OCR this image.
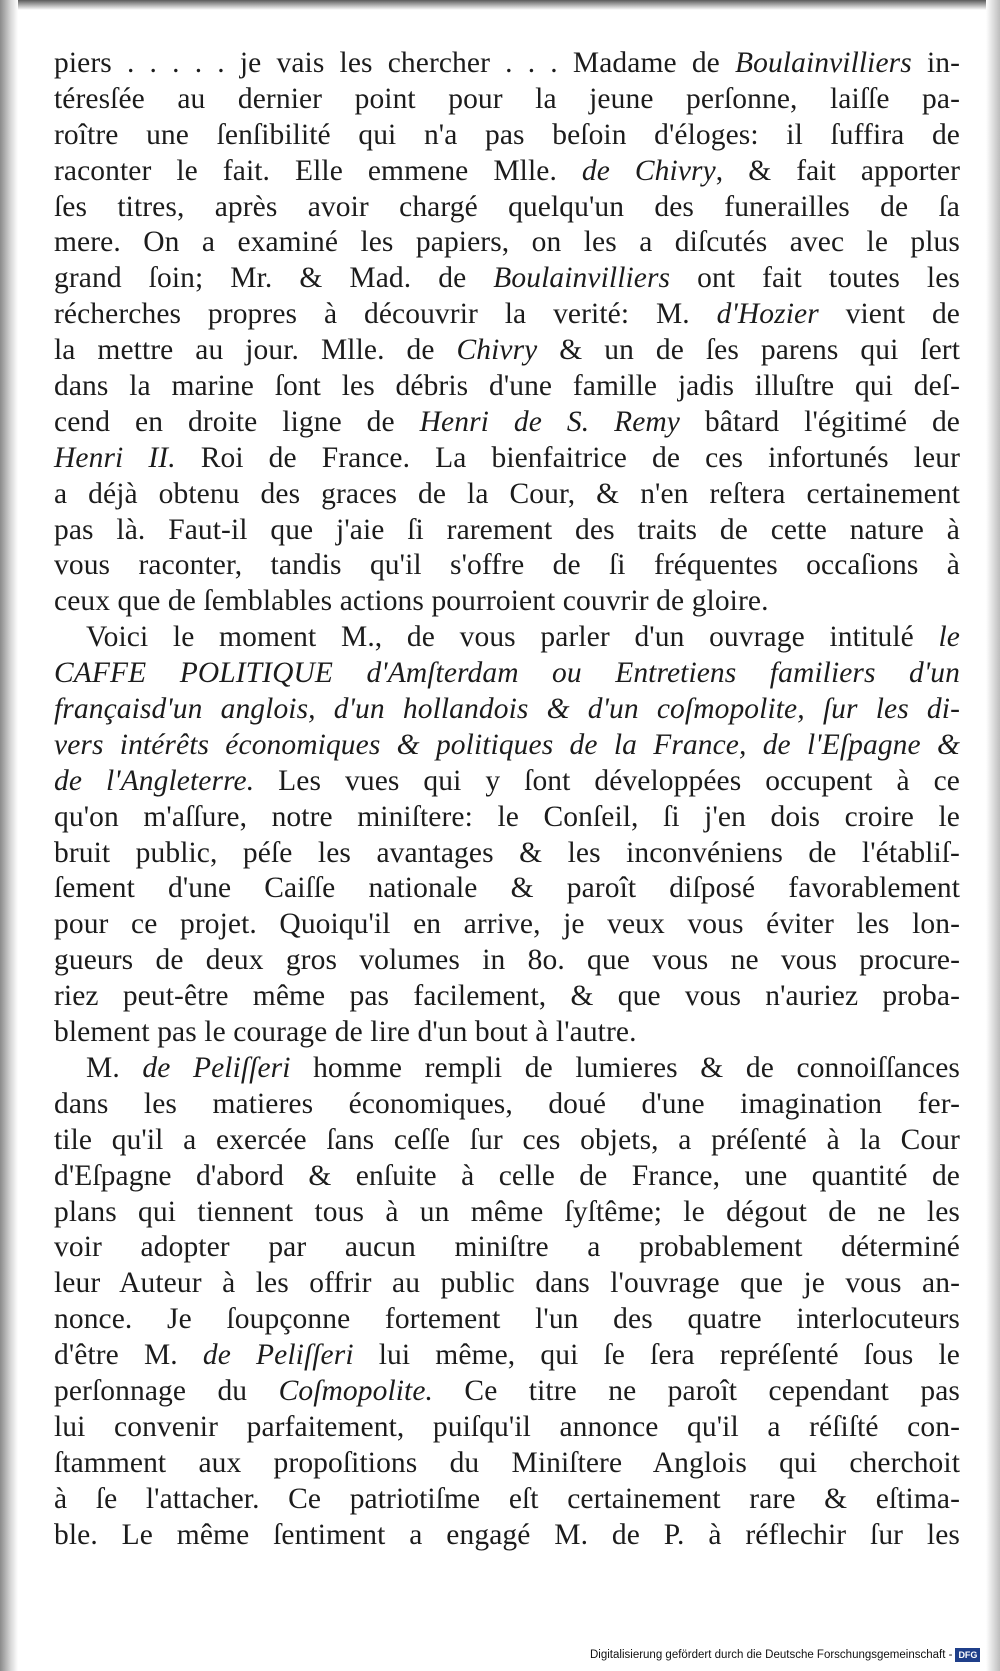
piers . . . . . je vais les chercher . . . Madame de Boulainvilliers in-
téresſée au dernier point pour la jeune perſonne, laiſſe pa-
roître une ſenſibilité qui n'a pas beſoin d'éloges: il ſuffira de
raconter le fait. Elle emmene Mlle. de Chivry, & fait apporter
ſes titres, après avoir chargé quelqu'un des funerailles de ſa
mere. On a examiné les papiers, on les a diſcutés avec le plus
grand ſoin; Mr. & Mad. de Boulainvilliers ont fait toutes les
récherches propres à découvrir la verité: M. d'Hozier vient de
la mettre au jour. Mlle. de Chivry & un de ſes parens qui ſert
dans la marine ſont les débris d'une famille jadis illuſtre qui deſ-
cend en droite ligne de Henri de S. Remy bâtard l'égitimé de
Henri II. Roi de France. La bienfaitrice de ces infortunés leur
a déjà obtenu des graces de la Cour, & n'en reſtera certainement
pas là. Faut-il que j'aie ſi rarement des traits de cette nature à
vous raconter, tandis qu'il s'offre de ſi fréquentes occaſions à
ceux que de ſemblables actions pourroient couvrir de gloire.
Voici le moment M., de vous parler d'un ouvrage intitulé le
CAFFE POLITIQUE d'Amſterdam ou Entretiens familiers d'un
françaisd'un anglois, d'un hollandois & d'un coſmopolite, ſur les di-
vers intérêts économiques & politiques de la France, de l'Eſpagne &
de l'Angleterre. Les vues qui y ſont développées occupent à ce
qu'on m'aſſure, notre miniſtere: le Conſeil, ſi j'en dois croire le
bruit public, péſe les avantages & les inconvéniens de l'établiſ-
ſement d'une Caiſſe nationale & paroît diſposé favorablement
pour ce projet. Quoiqu'il en arrive, je veux vous éviter les lon-
gueurs de deux gros volumes in 8o. que vous ne vous procure-
riez peut-être même pas facilement, & que vous n'auriez proba-
blement pas le courage de lire d'un bout à l'autre.
M. de Peliſſeri homme rempli de lumieres & de connoiſſances
dans les matieres économiques, doué d'une imagination fer-
tile qu'il a exercée ſans ceſſe ſur ces objets, a préſenté à la Cour
d'Eſpagne d'abord & enſuite à celle de France, une quantité de
plans qui tiennent tous à un même ſyſtême; le dégout de ne les
voir adopter par aucun miniſtre a probablement déterminé
leur Auteur à les offrir au public dans l'ouvrage que je vous an-
nonce. Je ſoupçonne fortement l'un des quatre interlocuteurs
d'être M. de Peliſſeri lui même, qui ſe ſera repréſenté ſous le
perſonnage du Coſmopolite. Ce titre ne paroît cependant pas
lui convenir parfaitement, puiſqu'il annonce qu'il a réſiſté con-
ſtamment aux propoſitions du Miniſtere Anglois qui cherchoit
à ſe l'attacher. Ce patriotiſme eſt certainement rare & eſtima-
ble. Le même ſentiment a engagé M. de P. à réflechir ſur les
Digitalisierung gefördert durch die Deutsche Forschungsgemeinschaft - DFG
